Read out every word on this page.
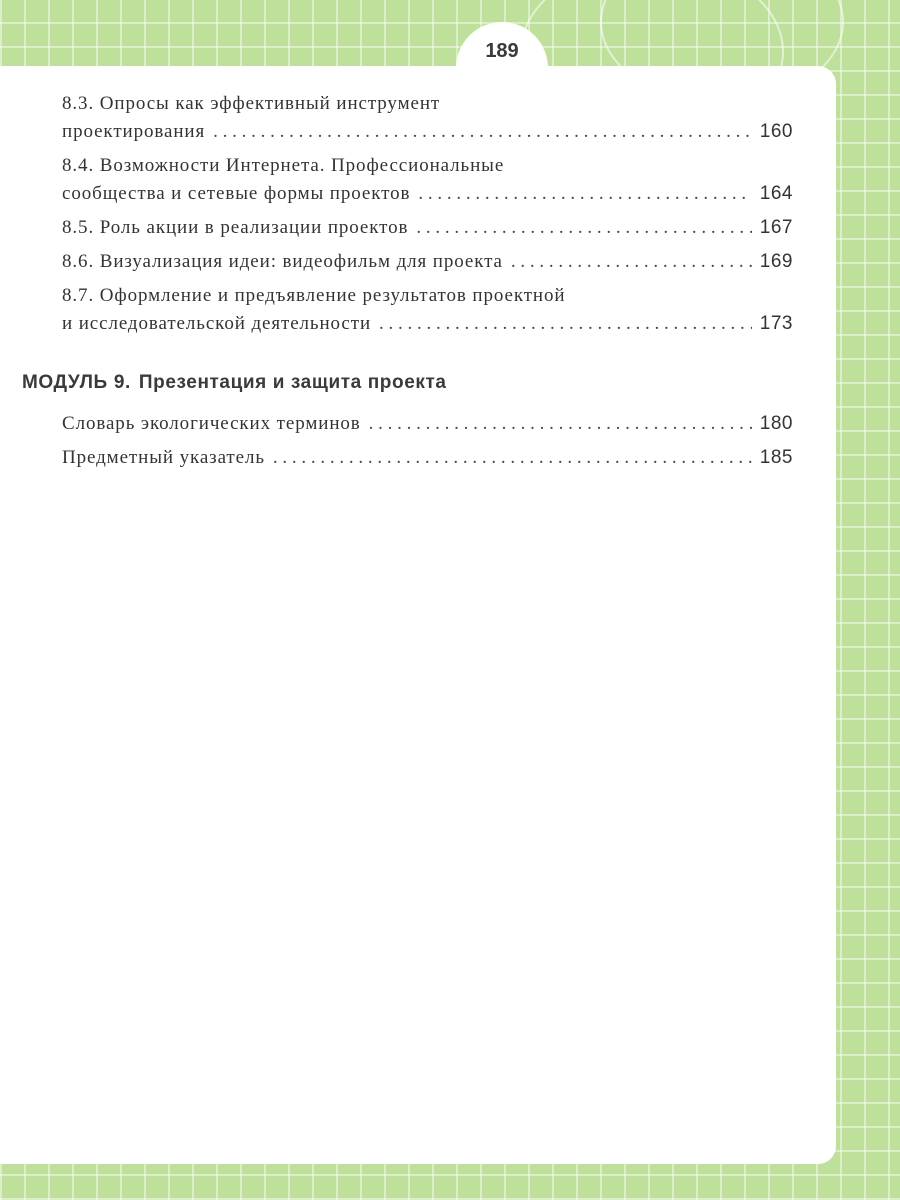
189
8.3. Опросы как эффективный инструмент
проектирования . . .	160
8.4. Возможности Интернета. Профессиональные
сообщества и сетевые формы проектов . . .	164
8.5. Роль акции в реализации проектов . . .	167
8.6. Визуализация идеи: видеофильм для проекта . . .	169
8.7. Оформление и предъявление результатов проектной
и исследовательской деятельности . . .	173
МОДУЛЬ 9. Презентация и защита проекта
Словарь экологических терминов . . .	180
Предметный указатель . . .	185
